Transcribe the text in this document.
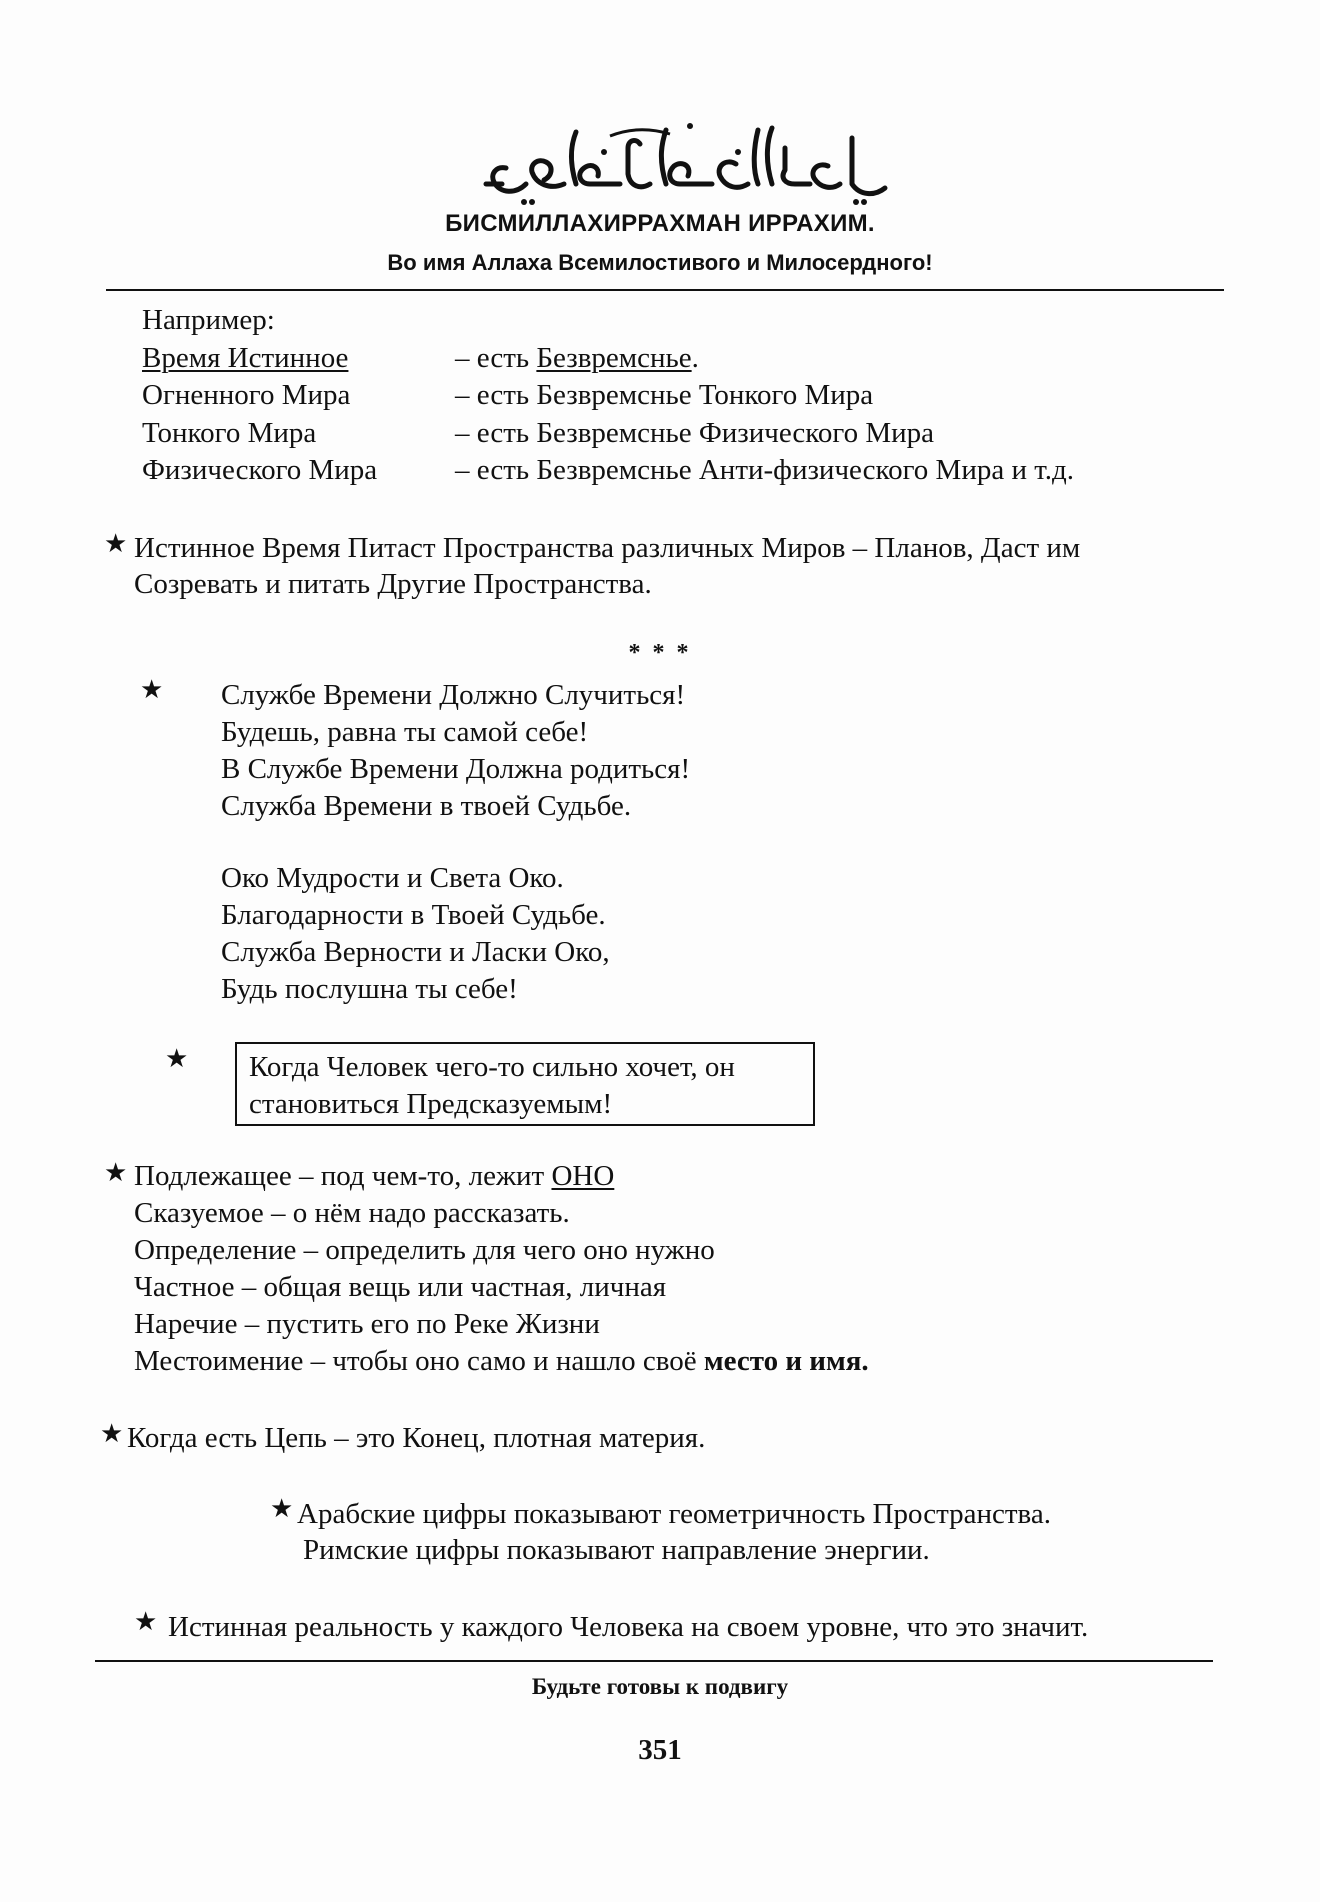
БИСМИЛЛАХИРРАХМАН ИРРАХИМ.
Во имя Аллаха Всемилостивого и Милосердного!
Например:
Время Истинное	– есть Безвремснье.
Огненного Мира	– есть Безвремснье Тонкого Мира
Тонкого Мира	– есть Безвремснье Физического Мира
Физического Мира	– есть Безвремснье Анти-физического Мира и т.д.
★ Истинное Время Питаст Пространства различных Миров – Планов, Даст им
Созревать и питать Другие Пространства.
* * *
★ Службе Времени Должно Случиться!
Будешь, равна ты самой себе!
В Службе Времени Должна родиться!
Служба Времени в твоей Судьбе.
Око Мудрости и Света Око.
Благодарности в Твоей Судьбе.
Служба Верности и Ласки Око,
Будь послушна ты себе!
★ Когда Человек чего-то сильно хочет, он
становиться Предсказуемым!
★ Подлежащее – под чем-то, лежит ОНО
Сказуемое – о нём надо рассказать.
Определение – определить для чего оно нужно
Частное – общая вещь или частная, личная
Наречие – пустить его по Реке Жизни
Местоимение – чтобы оно само и нашло своё место и имя.
★ Когда есть Цепь – это Конец, плотная материя.
★ Арабские цифры показывают геометричность Пространства.
Римские цифры показывают направление энергии.
★ Истинная реальность у каждого Человека на своем уровне, что это значит.
Будьте готовы к подвигу
351
